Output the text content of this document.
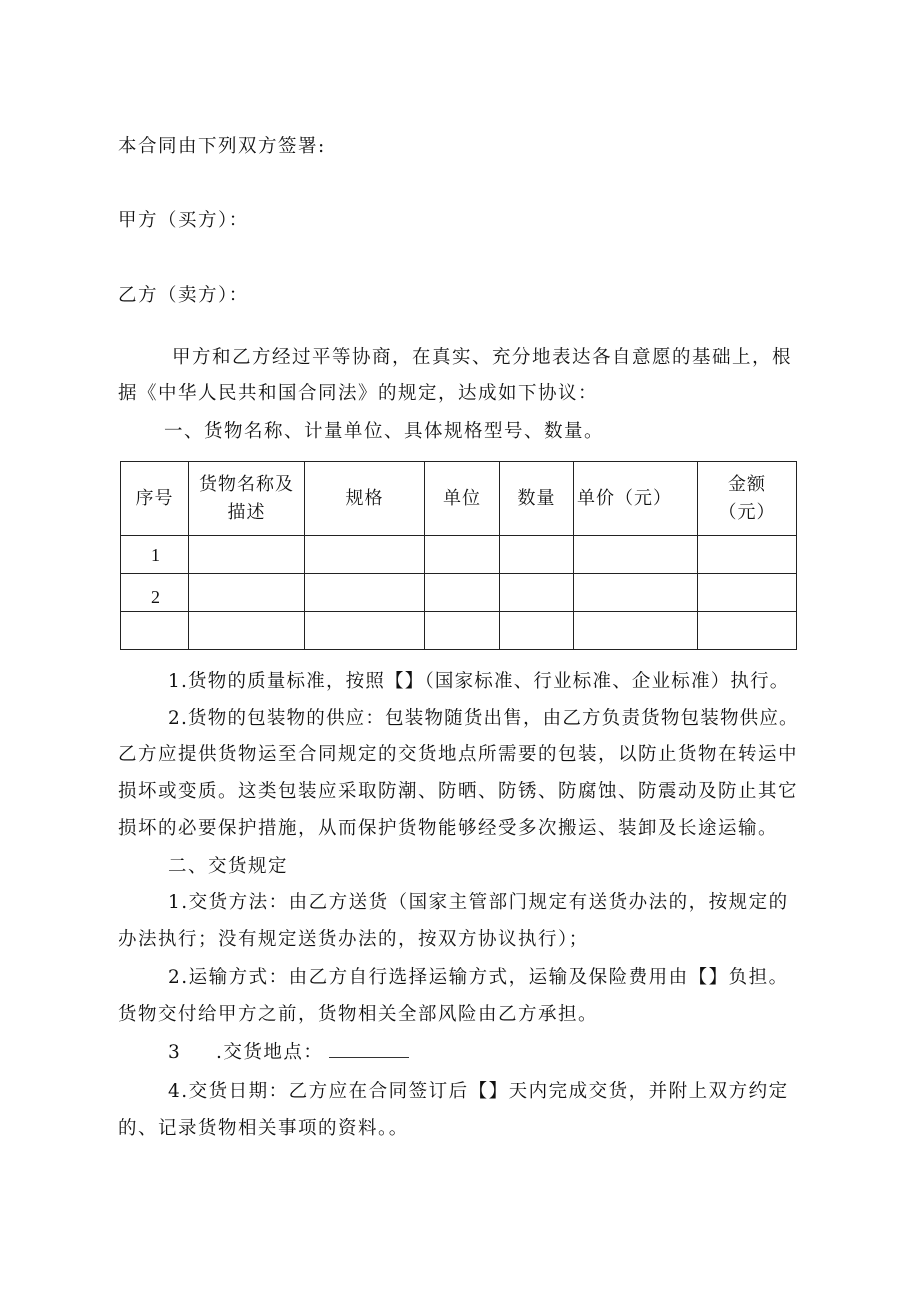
本合同由下列双方签署:
甲方（买方）：
乙方（卖方）：
甲方和乙方经过平等协商，在真实、充分地表达各自意愿的基础上，根
据《中华人民共和国合同法》的规定，达成如下协议：
一、货物名称、计量单位、具体规格型号、数量。
序号	货物名称及描述	规格	单位	数量	单价（元）	金额（元）
1						
2						

1.货物的质量标准，按照【】（国家标准、行业标准、企业标准）执行。
2.货物的包装物的供应：包装物随货出售，由乙方负责货物包装物供应。
乙方应提供货物运至合同规定的交货地点所需要的包装，以防止货物在转运中
损坏或变质。这类包装应采取防潮、防晒、防锈、防腐蚀、防震动及防止其它
损坏的必要保护措施，从而保护货物能够经受多次搬运、装卸及长途运输。
二、交货规定
1.交货方法：由乙方送货（国家主管部门规定有送货办法的，按规定的
办法执行；没有规定送货办法的，按双方协议执行）；
2.运输方式：由乙方自行选择运输方式，运输及保险费用由【】负担。
货物交付给甲方之前，货物相关全部风险由乙方承担。
3 .交货地点：
4.交货日期：乙方应在合同签订后【】天内完成交货，并附上双方约定
的、记录货物相关事项的资料。。
